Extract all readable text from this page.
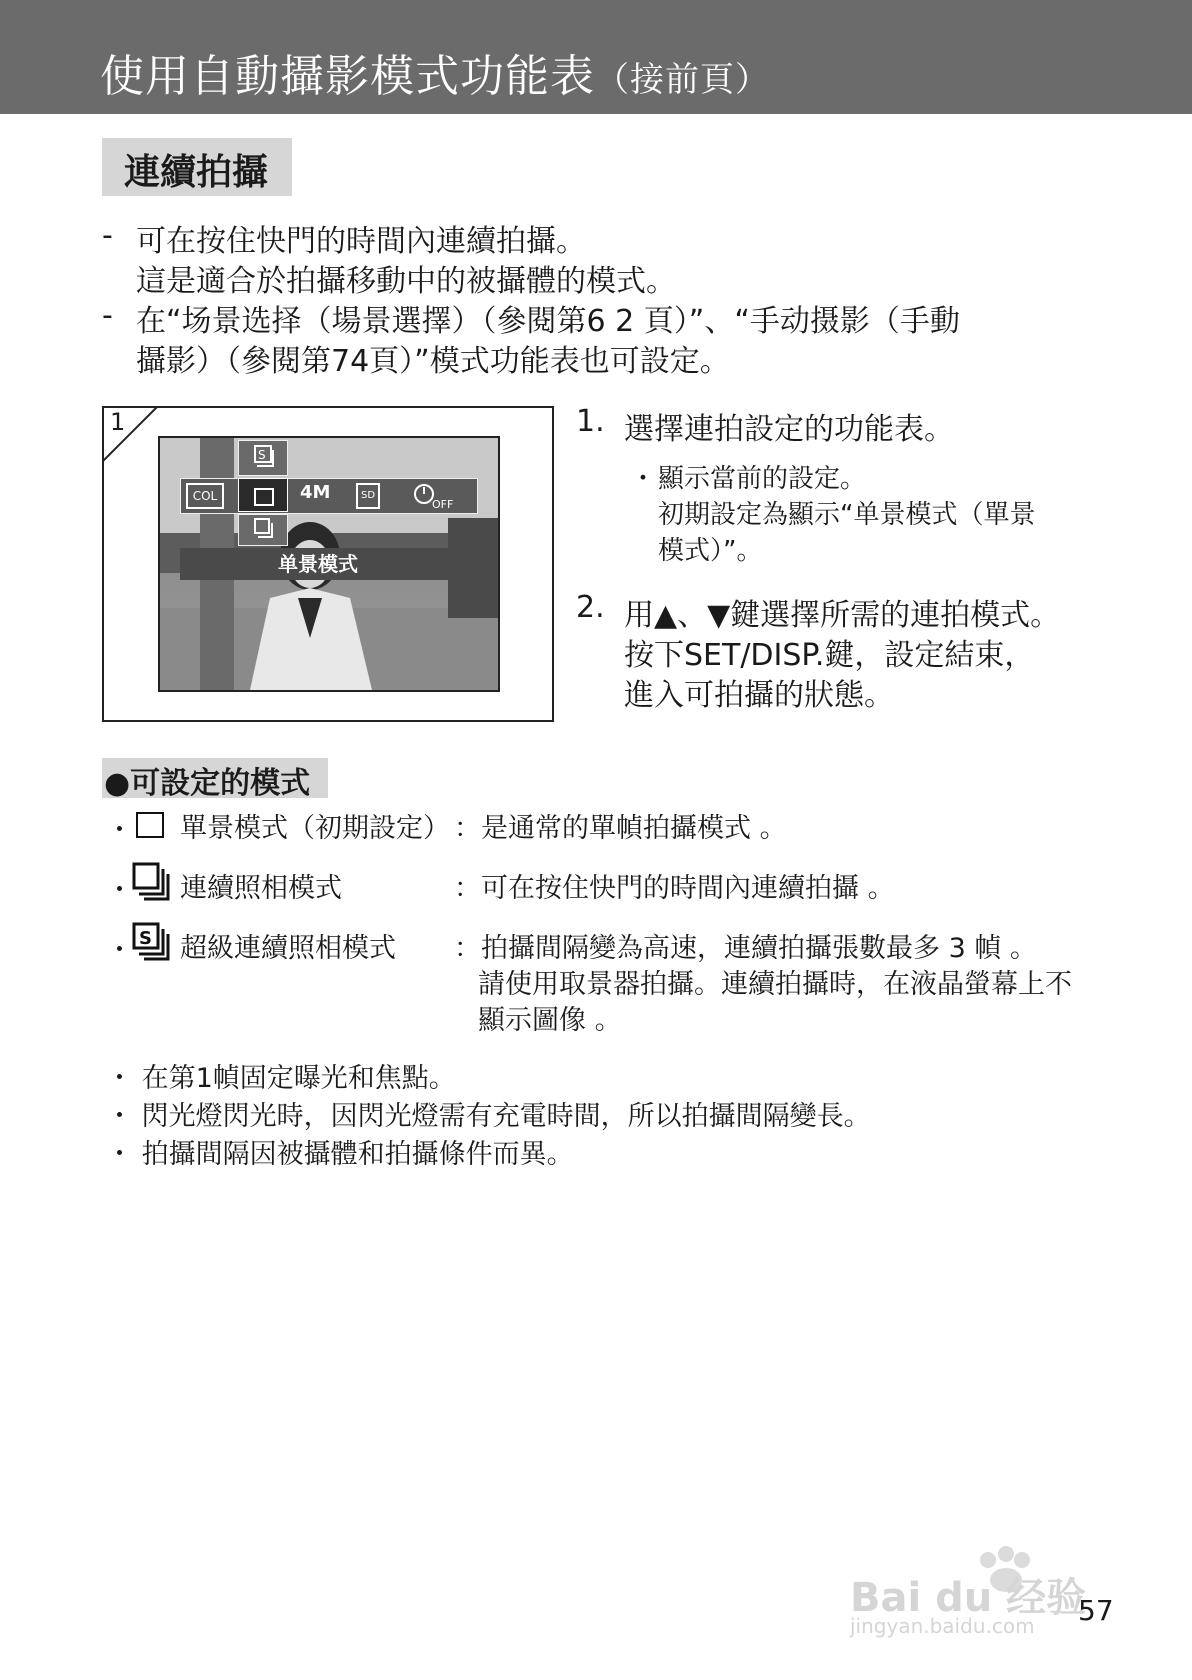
使用自動攝影模式功能表（接前頁）
連續拍攝
- 可在按住快門的時間內連續拍攝。
這是適合於拍攝移動中的被攝體的模式。
- 在“场景选择（場景選擇）（參閱第6 2 頁）”、“手动摄影（手動
攝影）（參閱第74頁）”模式功能表也可設定。
1
COL	4M	SD
OFF
S
单景模式
1. 選擇連拍設定的功能表。
・ 顯示當前的設定。
初期設定為顯示“单景模式（單景
模式）”。
2. 用▲、▼鍵選擇所需的連拍模式。
按下SET/DISP.鍵，設定結束，
進入可拍攝的狀態。
●可設定的模式
・ 單景模式（初期設定） ：是通常的單幀拍攝模式 。
・ 連續照相模式	：可在按住快門的時間內連續拍攝 。
・ S 超級連續照相模式 ：拍攝間隔變為高速，連續拍攝張數最多 3 幀 。
請使用取景器拍攝。連續拍攝時，在液晶螢幕上不
顯示圖像 。
・ 在第1幀固定曝光和焦點。
・ 閃光燈閃光時，因閃光燈需有充電時間，所以拍攝間隔變長。
・ 拍攝間隔因被攝體和拍攝條件而異。
Bai du 经验
jingyan.baidu.com 57
